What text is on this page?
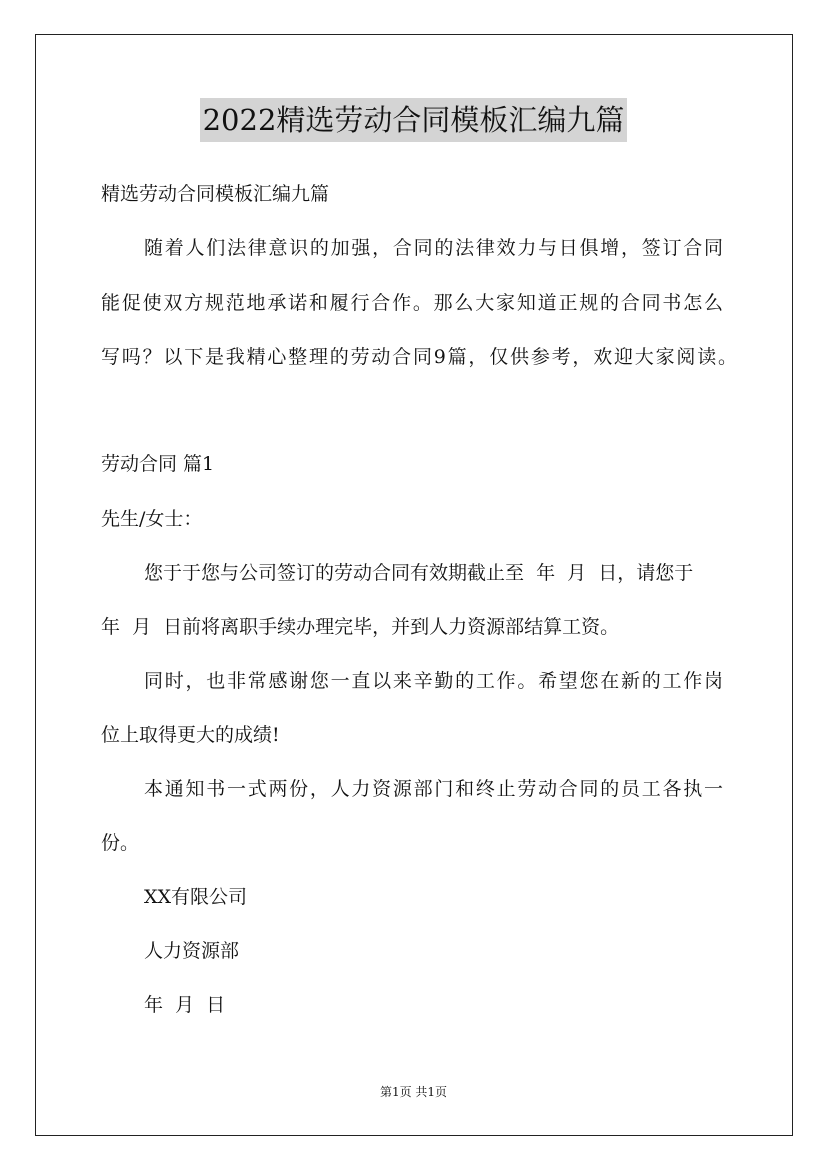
2022精选劳动合同模板汇编九篇
精选劳动合同模板汇编九篇
随着人们法律意识的加强，合同的法律效力与日俱增，签订合同
能促使双方规范地承诺和履行合作。那么大家知道正规的合同书怎么
写吗？以下是我精心整理的劳动合同9篇，仅供参考，欢迎大家阅读。
劳动合同 篇1
先生/女士：
您于于您与公司签订的劳动合同有效期截止至  年  月  日，请您于
年  月  日前将离职手续办理完毕，并到人力资源部结算工资。
同时，也非常感谢您一直以来辛勤的工作。希望您在新的工作岗
位上取得更大的成绩!
本通知书一式两份，人力资源部门和终止劳动合同的员工各执一
份。
XX有限公司
人力资源部
年  月  日
第1页 共1页
